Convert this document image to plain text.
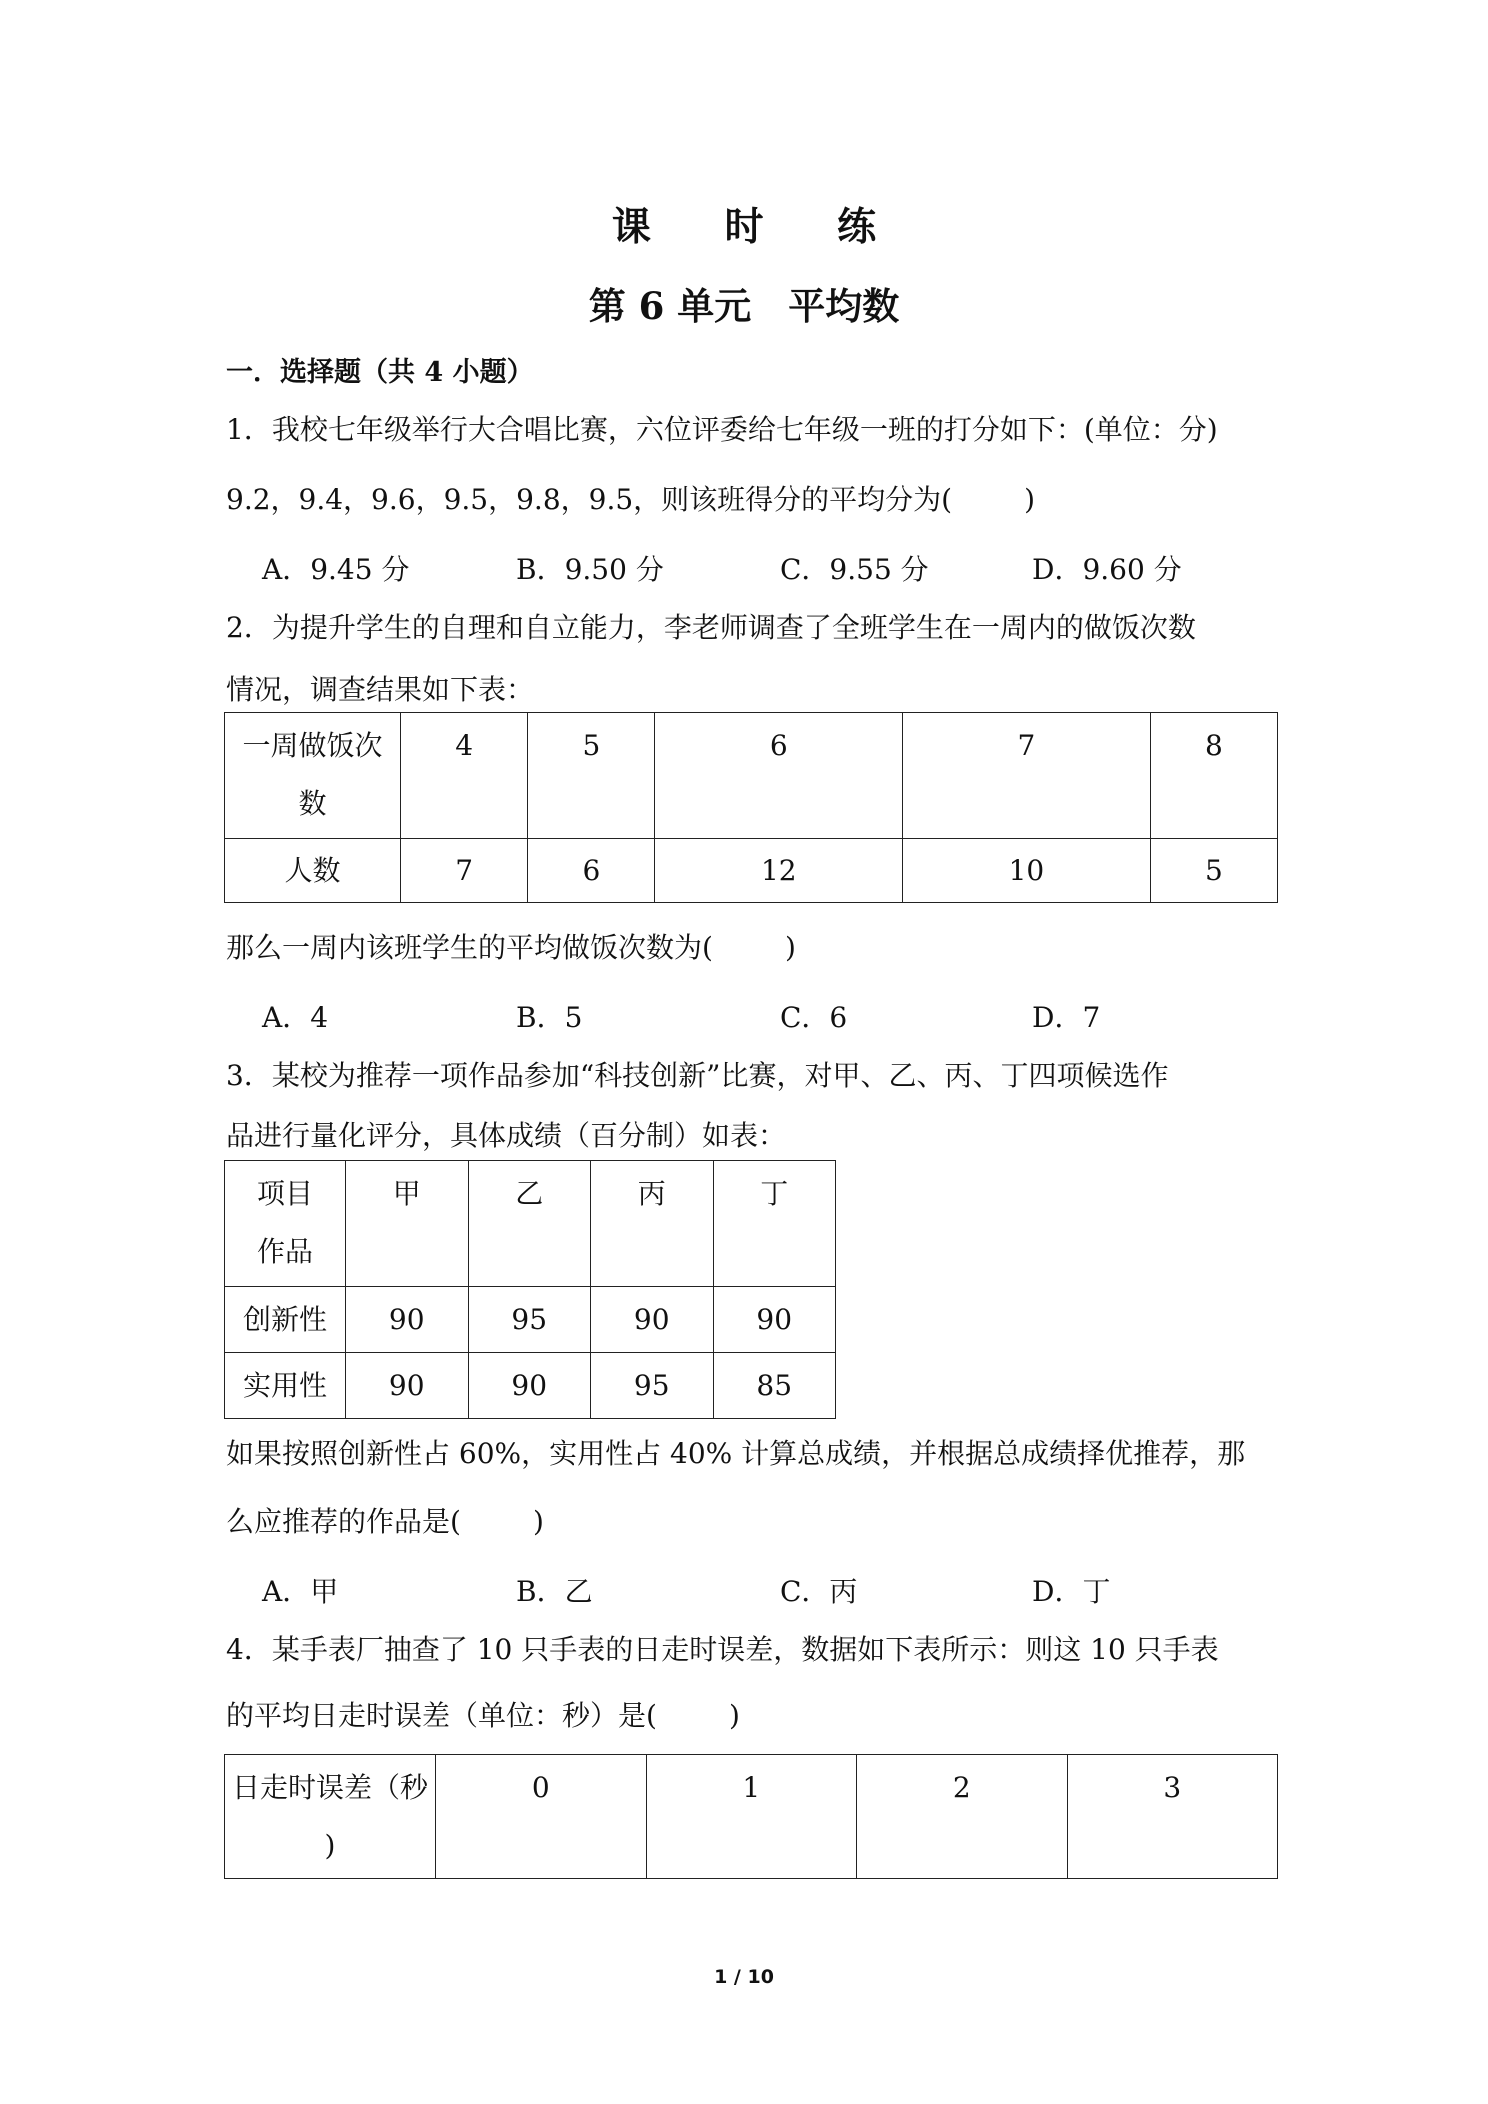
课 时 练
第 6 单元　平均数
一．选择题（共 4 小题）
1．我校七年级举行大合唱比赛，六位评委给七年级一班的打分如下：(单位：分)
9.2，9.4，9.6，9.5，9.8，9.5，则该班得分的平均分为(	)
A．9.45 分	B．9.50 分	C．9.55 分	D．9.60 分
2．为提升学生的自理和自立能力，李老师调查了全班学生在一周内的做饭次数
情况，调查结果如下表：
一周做饭次
数	4	5	6	7	8
人数	7	6	12	10	5
那么一周内该班学生的平均做饭次数为(	)
A．4	B．5	C．6	D．7
3．某校为推荐一项作品参加“科技创新”比赛，对甲、乙、丙、丁四项候选作
品进行量化评分，具体成绩（百分制）如表：
项目
作品	甲	乙	丙	丁
创新性	90	95	90	90
实用性	90	90	95	85
如果按照创新性占 60%，实用性占 40% 计算总成绩，并根据总成绩择优推荐，那
么应推荐的作品是(	)
A．甲	B．乙	C．丙	D．丁
4．某手表厂抽查了 10 只手表的日走时误差，数据如下表所示：则这 10 只手表
的平均日走时误差（单位：秒）是(	)
日走时误差（秒
)
	0	1	2	3
1 / 10
